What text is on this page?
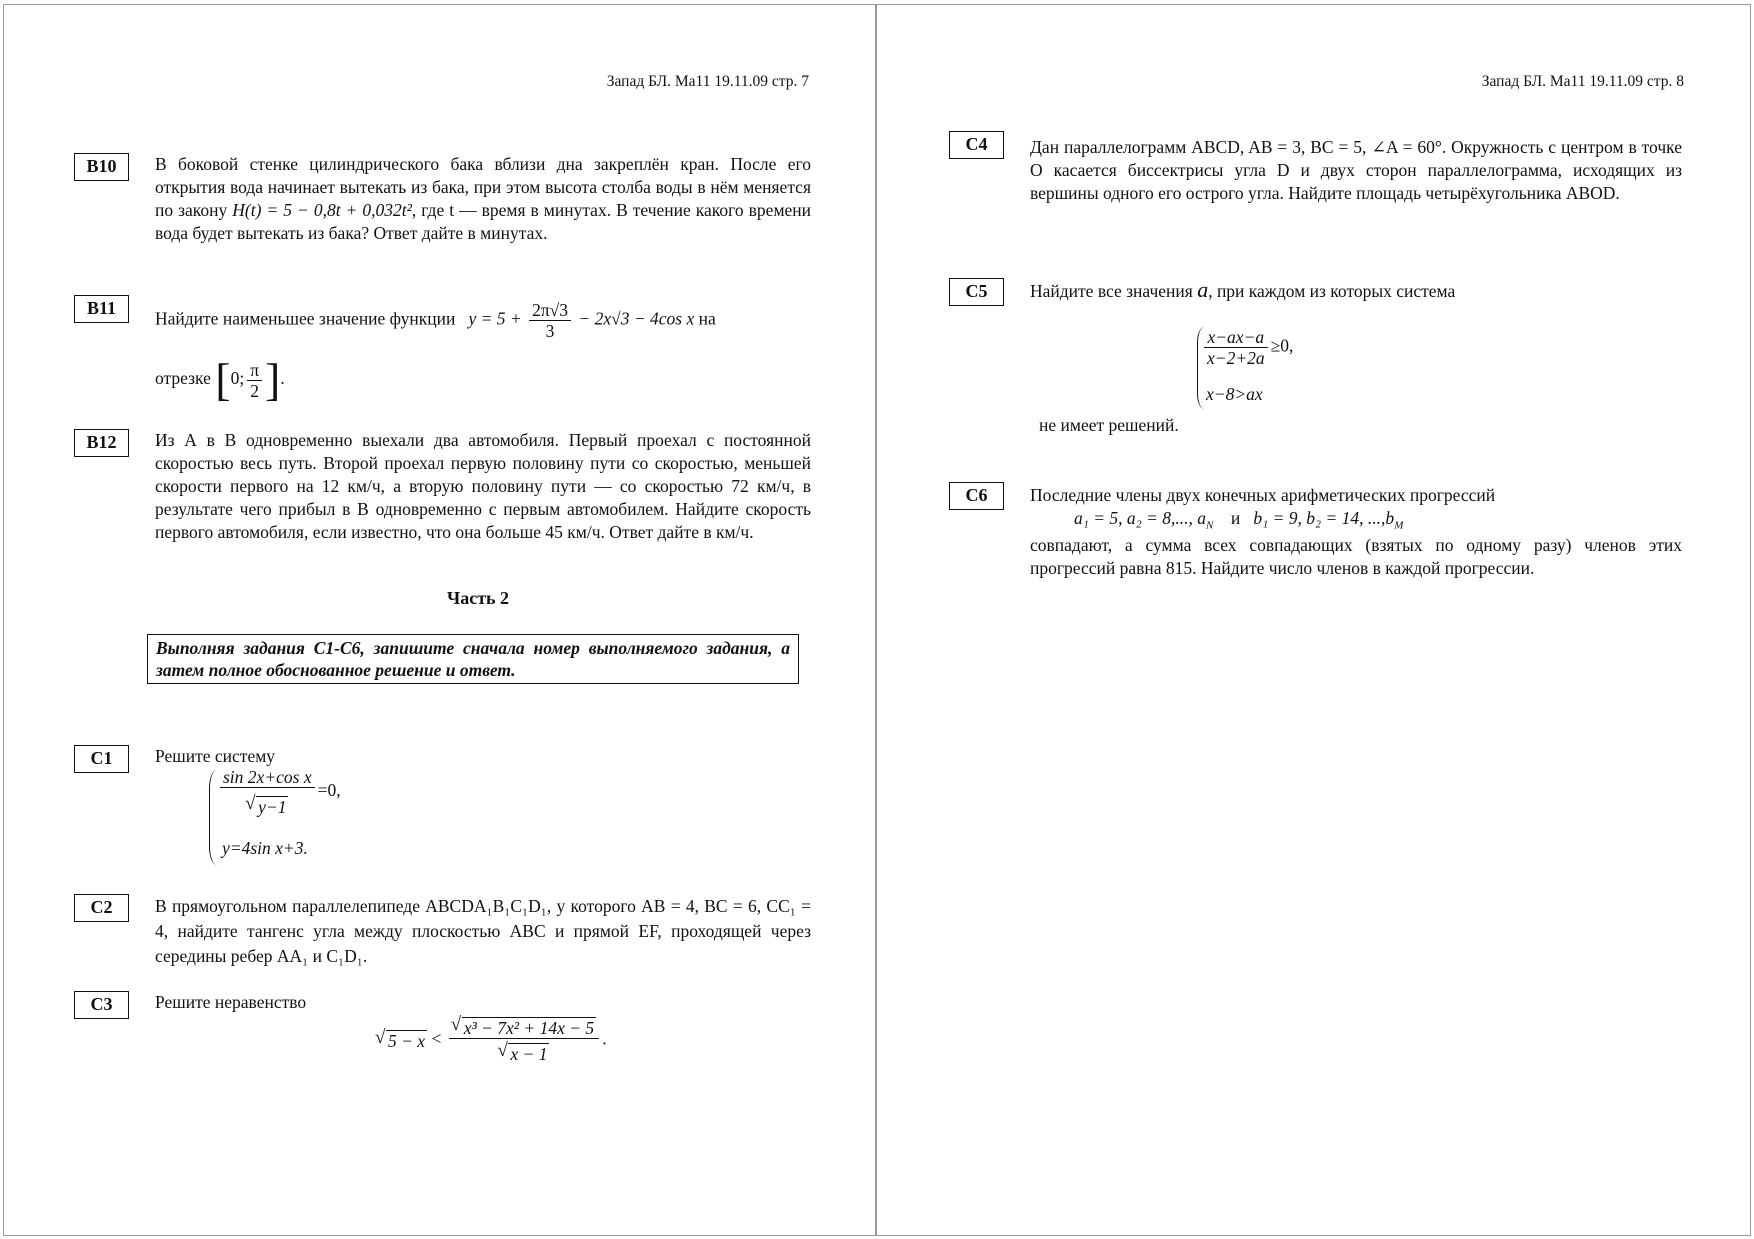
Запад БЛ. Ма11 19.11.09 стр. 7
B10	В боковой стенке цилиндрического бака вблизи дна закреплён кран. После его открытия вода начинает вытекать из бака, при этом высота столба воды в нём меняется по закону H(t) = 5 − 0,8t + 0,032t², где t — время в минутах. В течение какого времени вода будет вытекать из бака? Ответ дайте в минутах.
B11
Найдите наименьшее значение функции $y = 5 + \frac{2\pi√3}{3} - 2x√3 - 4\cos$ x на
отрезке [0; $\frac{\pi}{2}$ ].
B12	Из А в В одновременно выехали два автомобиля. Первый проехал с постоянной скоростью весь путь. Второй проехал первую половину пути со скоростью, меньшей скорости первого на 12 км/ч, а вторую половину пути — со скоростью 72 км/ч, в результате чего прибыл в В одновременно с первым автомобилем. Найдите скорость первого автомобиля, если известно, что она больше 45 км/ч. Ответ дайте в км/ч.
Часть 2
Выполняя задания С1-С6, запишите сначала номер выполняемого задания, а затем полное обоснованное решение и ответ.
C1	Решите систему
sin 2x+cos x
√ y−1 =0,
y=4sin x+3.
C2	В прямоугольном параллелепипеде ABCDA₁B₁C₁D₁, у которого AB = 4, BC = 6, CC₁ = 4, найдите тангенс угла между плоскостью ABC и прямой EF, проходящей через середины ребер AA₁ и C₁D₁.
C3	Решите неравенство
√ 5 − x <
√ x³ − 7x² + 14x − 5
√ x − 1 .
Запад БЛ. Ма11 19.11.09 стр. 8
C4	Дан параллелограмм ABCD, AB = 3, BC = 5, ∠A = 60°. Окружность с центром в точке O касается биссектрисы угла D и двух сторон параллелограмма, исходящих из вершины одного его острого угла. Найдите площадь четырёхугольника ABOD.
C5	Найдите все значения a, при каждом из которых система
$\frac{x-ax-a}{x-2+2a} \ge 0$,
x−8>ax
не имеет решений.
C6	Последние члены двух конечных арифметических прогрессий
a₁ = 5, a₂ = 8,..., $a_N$ и b₁ = 9, b₂ = 14, $...,b_M$
совпадают, а сумма всех совпадающих (взятых по одному разу) членов этих прогрессий равна 815. Найдите число членов в каждой прогрессии.
